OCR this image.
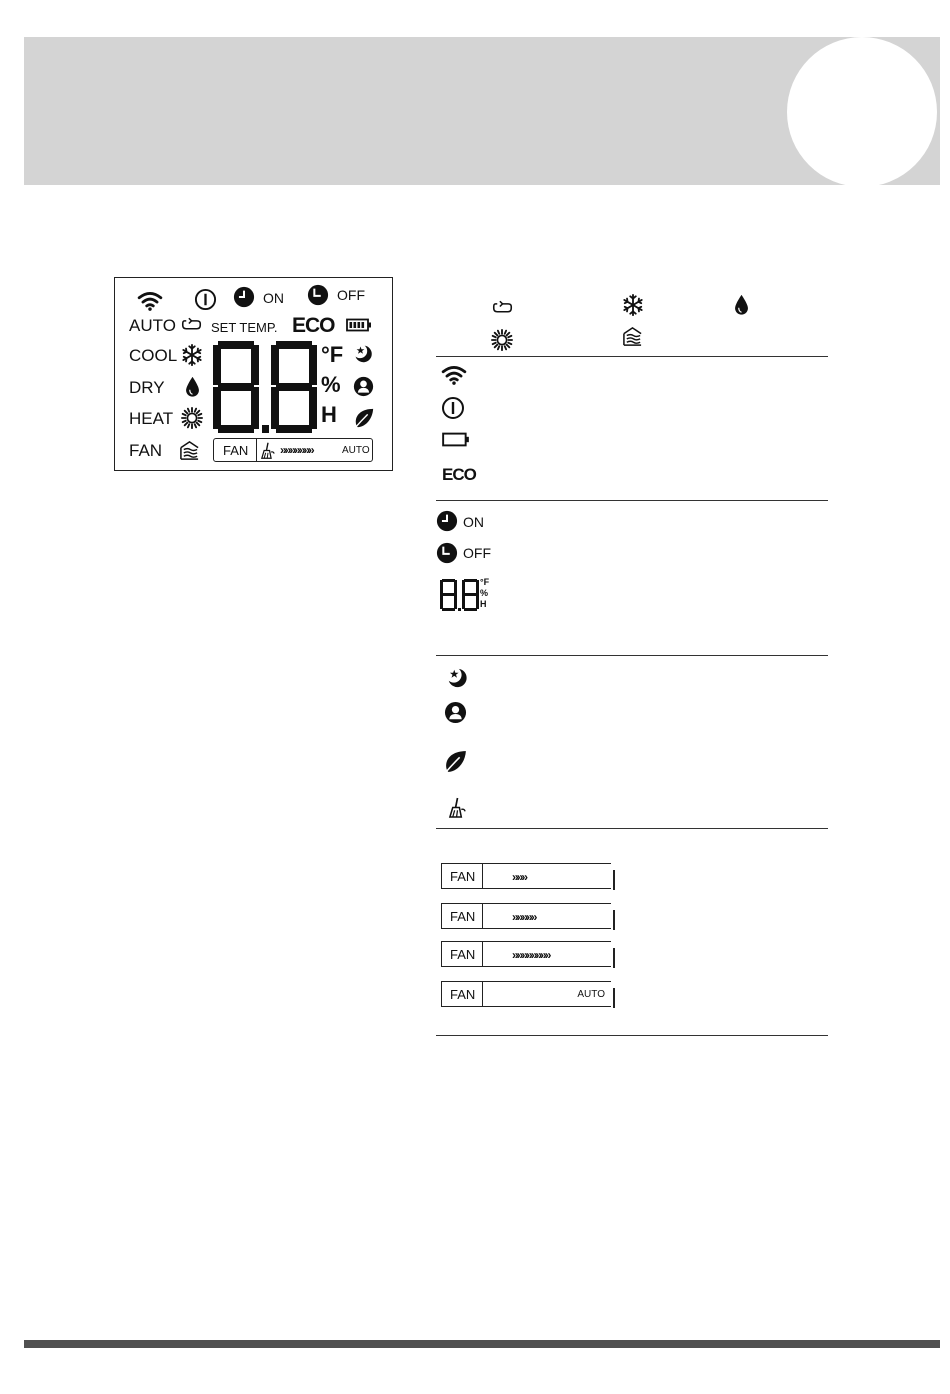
ON	OFF
AUTO	SET TEMP. ECO
COOL
DRY
HEAT
FAN
°F
%
H
FAN	»»»»»»»	AUTO
ECO
ON
OFF
°F
%
H
FAN	»»»
FAN	»»»»»
FAN	»»»»»»»»
FAN	AUTO
